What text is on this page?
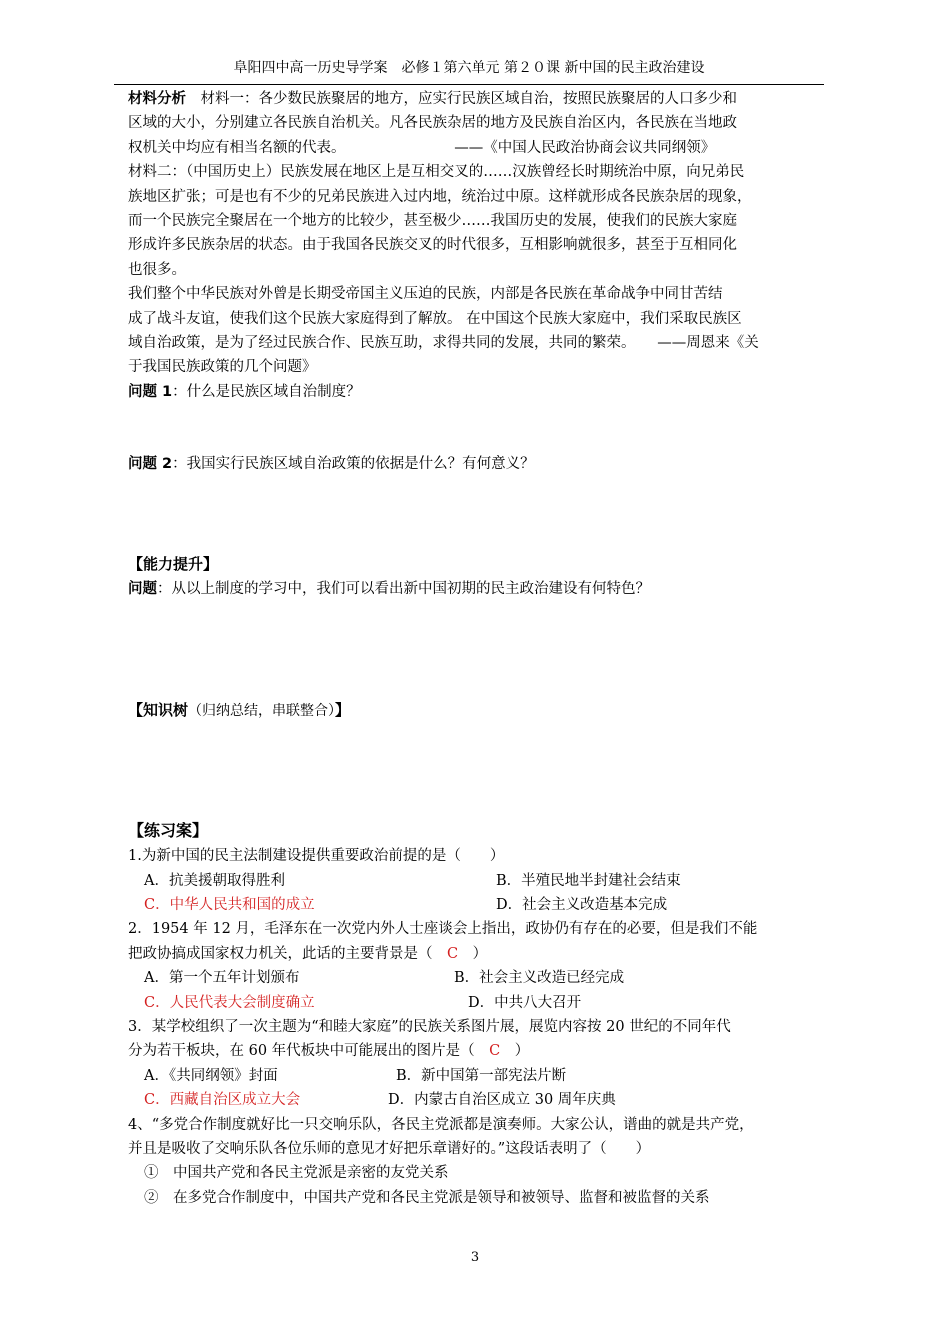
阜阳四中高一历史导学案　必修１第六单元 第２０课 新中国的民主政治建设

材料分析　材料一：各少数民族聚居的地方，应实行民族区域自治，按照民族聚居的人口多少和
区域的大小，分别建立各民族自治机关。凡各民族杂居的地方及民族自治区内，各民族在当地政
权机关中均应有相当名额的代表。　　　　　　　　——《中国人民政治协商会议共同纲领》

材料二：（中国历史上）民族发展在地区上是互相交叉的……汉族曾经长时期统治中原，向兄弟民
族地区扩张；可是也有不少的兄弟民族进入过内地，统治过中原。这样就形成各民族杂居的现象，
而一个民族完全聚居在一个地方的比较少，甚至极少……我国历史的发展，使我们的民族大家庭
形成许多民族杂居的状态。由于我国各民族交叉的时代很多，互相影响就很多，甚至于互相同化
也很多。

我们整个中华民族对外曾是长期受帝国主义压迫的民族，内部是各民族在革命战争中同甘苦结
成了战斗友谊，使我们这个民族大家庭得到了解放。 在中国这个民族大家庭中，我们采取民族区
域自治政策，是为了经过民族合作、民族互助，求得共同的发展，共同的繁荣。　　——周恩来《关
于我国民族政策的几个问题》

问题 1：什么是民族区域自治制度？

问题 2：我国实行民族区域自治政策的依据是什么？有何意义？

【能力提升】

问题：从以上制度的学习中，我们可以看出新中国初期的民主政治建设有何特色？

【知识树（归纳总结，串联整合）】
【练习案】

1.为新中国的民主法制建设提供重要政治前提的是（　　）

A．抗美援朝取得胜利	B．半殖民地半封建社会结束
C．中华人民共和国的成立	D．社会主义改造基本完成

2．1954 年 12 月，毛泽东在一次党内外人士座谈会上指出，政协仍有存在的必要，但是我们不能
把政协搞成国家权力机关，此话的主要背景是（　C　）

A．第一个五年计划颁布	B．社会主义改造已经完成
C．人民代表大会制度确立	D．中共八大召开

3．某学校组织了一次主题为“和睦大家庭”的民族关系图片展，展览内容按 20 世纪的不同年代
分为若干板块，在 60 年代板块中可能展出的图片是（　C　）

A．《共同纲领》封面	B．新中国第一部宪法片断
C．西藏自治区成立大会	D．内蒙古自治区成立 30 周年庆典

4、“多党合作制度就好比一只交响乐队，各民主党派都是演奏师。大家公认，谱曲的就是共产党，
并且是吸收了交响乐队各位乐师的意见才好把乐章谱好的。”这段话表明了（　　）

①　中国共产党和各民主党派是亲密的友党关系
②　在多党合作制度中，中国共产党和各民主党派是领导和被领导、监督和被监督的关系
3
